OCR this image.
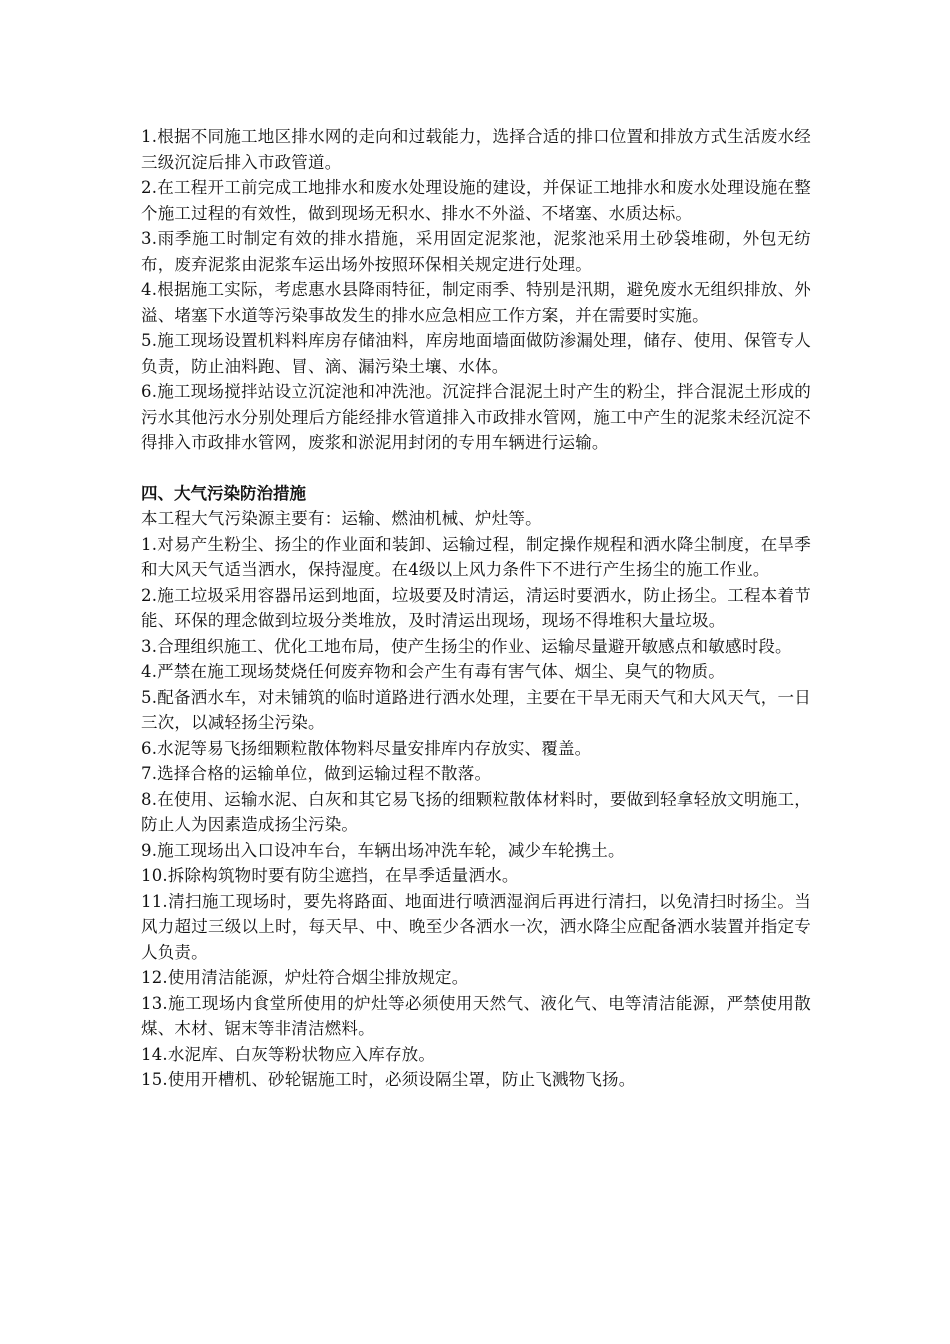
1.根据不同施工地区排水网的走向和过载能力，选择合适的排口位置和排放方式生活废水经三级沉淀后排入市政管道。

2.在工程开工前完成工地排水和废水处理设施的建设，并保证工地排水和废水处理设施在整个施工过程的有效性，做到现场无积水、排水不外溢、不堵塞、水质达标。

3.雨季施工时制定有效的排水措施，采用固定泥浆池，泥浆池采用土砂袋堆砌，外包无纺布，废弃泥浆由泥浆车运出场外按照环保相关规定进行处理。

4.根据施工实际，考虑惠水县降雨特征，制定雨季、特别是汛期，避免废水无组织排放、外溢、堵塞下水道等污染事故发生的排水应急相应工作方案，并在需要时实施。

5.施工现场设置机料料库房存储油料，库房地面墙面做防渗漏处理，储存、使用、保管专人负责，防止油料跑、冒、滴、漏污染土壤、水体。

6.施工现场搅拌站设立沉淀池和冲洗池。沉淀拌合混泥土时产生的粉尘，拌合混泥土形成的污水其他污水分别处理后方能经排水管道排入市政排水管网，施工中产生的泥浆未经沉淀不得排入市政排水管网，废浆和淤泥用封闭的专用车辆进行运输。

四、大气污染防治措施

本工程大气污染源主要有：运输、燃油机械、炉灶等。

1.对易产生粉尘、扬尘的作业面和装卸、运输过程，制定操作规程和洒水降尘制度，在旱季和大风天气适当洒水，保持湿度。在4级以上风力条件下不进行产生扬尘的施工作业。

2.施工垃圾采用容器吊运到地面，垃圾要及时清运，清运时要洒水，防止扬尘。工程本着节能、环保的理念做到垃圾分类堆放，及时清运出现场，现场不得堆积大量垃圾。

3.合理组织施工、优化工地布局，使产生扬尘的作业、运输尽量避开敏感点和敏感时段。

4.严禁在施工现场焚烧任何废弃物和会产生有毒有害气体、烟尘、臭气的物质。

5.配备洒水车，对未铺筑的临时道路进行洒水处理，主要在干旱无雨天气和大风天气，一日三次，以减轻扬尘污染。

6.水泥等易飞扬细颗粒散体物料尽量安排库内存放实、覆盖。

7.选择合格的运输单位，做到运输过程不散落。

8.在使用、运输水泥、白灰和其它易飞扬的细颗粒散体材料时，要做到轻拿轻放文明施工，防止人为因素造成扬尘污染。

9.施工现场出入口设冲车台，车辆出场冲洗车轮，减少车轮携土。

10.拆除构筑物时要有防尘遮挡，在旱季适量洒水。

11.清扫施工现场时，要先将路面、地面进行喷洒湿润后再进行清扫，以免清扫时扬尘。当风力超过三级以上时，每天早、中、晚至少各洒水一次，洒水降尘应配备洒水装置并指定专人负责。

12.使用清洁能源，炉灶符合烟尘排放规定。

13.施工现场内食堂所使用的炉灶等必须使用天然气、液化气、电等清洁能源，严禁使用散煤、木材、锯末等非清洁燃料。

14.水泥库、白灰等粉状物应入库存放。

15.使用开槽机、砂轮锯施工时，必须设隔尘罩，防止飞溅物飞扬。
